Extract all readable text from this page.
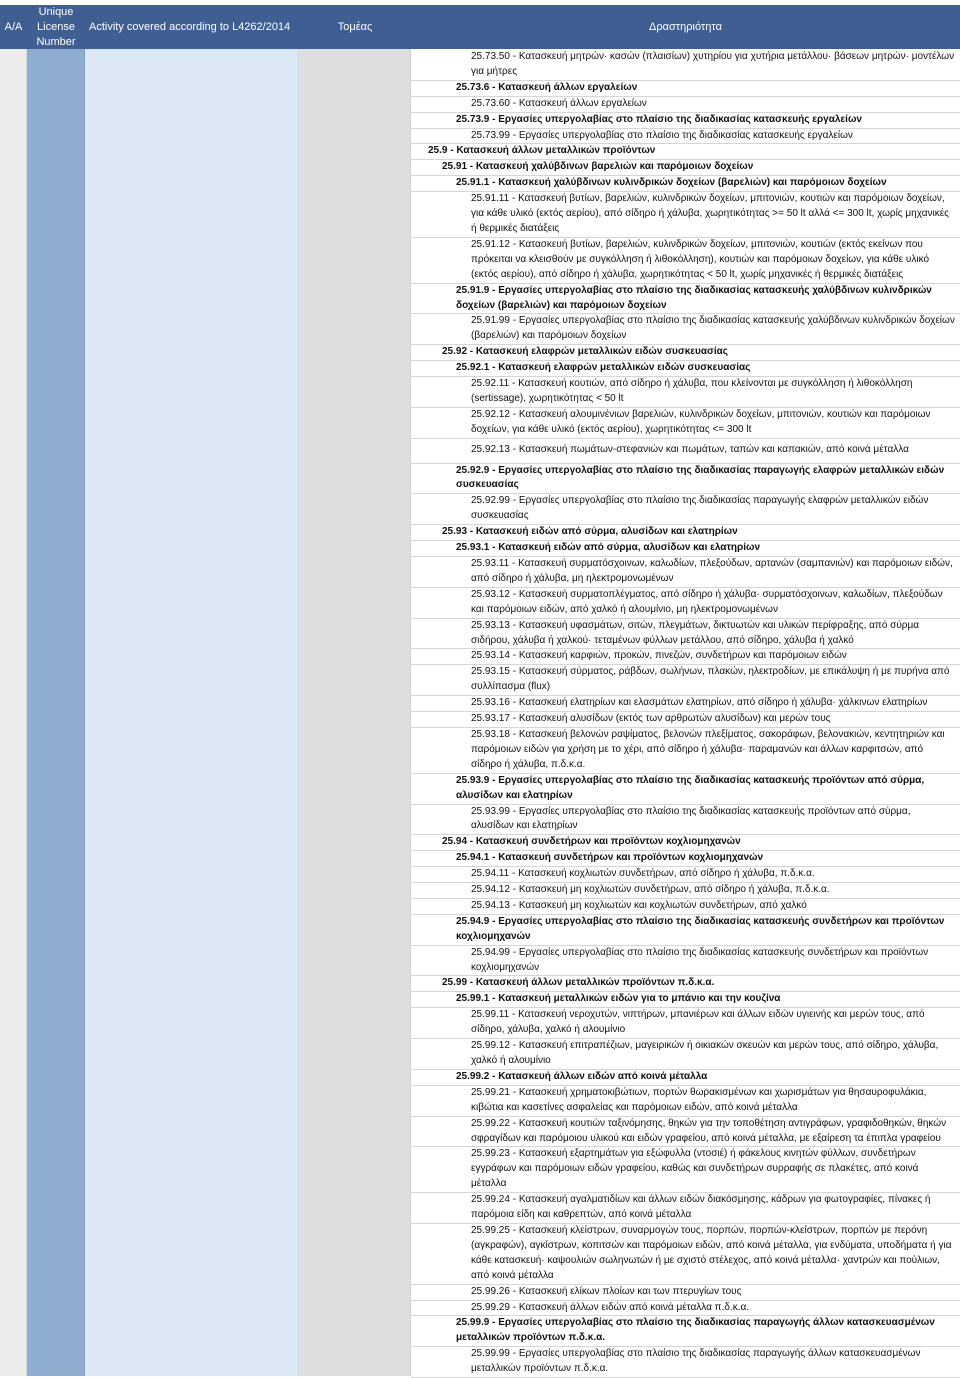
A/A
Unique License Number
Activity covered according to L4262/2014	Τομέας	Δραστηριότητα
25.73.50 - Κατασκευή μητρών· κασών (πλαισίων) χυτηρίου για χυτήρια μετάλλου· βάσεων μητρών· μοντέλων για μήτρες
25.73.6 - Κατασκευή άλλων εργαλείων
25.73.60 - Κατασκευή άλλων εργαλείων
25.73.9 - Εργασίες υπεργολαβίας στο πλαίσιο της διαδικασίας κατασκευής εργαλείων
25.73.99 - Εργασίες υπεργολαβίας στο πλαίσιο της διαδικασίας κατασκευής εργαλείων
25.9 - Κατασκευή άλλων μεταλλικών προϊόντων
25.91 - Κατασκευή χαλύβδινων βαρελιών και παρόμοιων δοχείων
25.91.1 - Κατασκευή χαλύβδινων κυλινδρικών δοχείων (βαρελιών) και παρόμοιων δοχείων
25.91.11 - Κατασκευή βυτίων, βαρελιών, κυλινδρικών δοχείων, μπιτονιών, κουτιών και παρόμοιων δοχείων, για κάθε υλικό (εκτός αερίου), από σίδηρο ή χάλυβα, χωρητικότητας >= 50 lt αλλά <= 300 lt, χωρίς μηχανικές ή θερμικές διατάξεις
25.91.12 - Κατασκευή βυτίων, βαρελιών, κυλινδρικών δοχείων, μπιτονιών, κουτιών (εκτός εκείνων που πρόκειται να κλεισθούν με συγκόλληση ή λιθοκόλληση), κουτιών και παρόμοιων δοχείων, για κάθε υλικό (εκτός αερίου), από σίδηρο ή χάλυβα, χωρητικότητας < 50 lt, χωρίς μηχανικές ή θερμικές διατάξεις
25.91.9 - Εργασίες υπεργολαβίας στο πλαίσιο της διαδικασίας κατασκευής χαλύβδινων κυλινδρικών δοχείων (βαρελιών) και παρόμοιων δοχείων
25.91.99 - Εργασίες υπεργολαβίας στο πλαίσιο της διαδικασίας κατασκευής χαλύβδινων κυλινδρικών δοχείων (βαρελιών) και παρόμοιων δοχείων
25.92 - Κατασκευή ελαφρών μεταλλικών ειδών συσκευασίας
25.92.1 - Κατασκευή ελαφρών μεταλλικών ειδών συσκευασίας
25.92.11 - Κατασκευή κουτιών, από σίδηρο ή χάλυβα, που κλείνονται με συγκόλληση ή λιθοκόλληση (sertissage), χωρητικότητας < 50 lt
25.92.12 - Κατασκευή αλουμινένιων βαρελιών, κυλινδρικών δοχείων, μπιτονιών, κουτιών και παρόμοιων δοχείων, για κάθε υλικό (εκτός αερίου), χωρητικότητας <= 300 lt
25.92.13 - Κατασκευή πωμάτων-στεφανιών και πωμάτων, ταπών και καπακιών, από κοινά μέταλλα
25.92.9 - Εργασίες υπεργολαβίας στο πλαίσιο της διαδικασίας παραγωγής ελαφρών μεταλλικών ειδών συσκευασίας
25.92.99 - Εργασίες υπεργολαβίας στο πλαίσιο της διαδικασίας παραγωγής ελαφρών μεταλλικών ειδών συσκευασίας
25.93 - Κατασκευή ειδών από σύρμα, αλυσίδων και ελατηρίων
25.93.1 - Κατασκευή ειδών από σύρμα, αλυσίδων και ελατηρίων
25.93.11 - Κατασκευή συρματόσχοινων, καλωδίων, πλεξούδων, αρτανών (σαμπανιών) και παρόμοιων ειδών, από σίδηρο ή χάλυβα, μη ηλεκτρομονωμένων
25.93.12 - Κατασκευή συρματοπλέγματος, από σίδηρο ή χάλυβα· συρματόσχοινων, καλωδίων, πλεξούδων και παρόμοιων ειδών, από χαλκό ή αλουμίνιο, μη ηλεκτρομονωμένων
25.93.13 - Κατασκευή υφασμάτων, σιτών, πλεγμάτων, δικτυωτών και υλικών περίφραξης, από σύρμα σιδήρου, χάλυβα ή χαλκού· τεταμένων φύλλων μετάλλου, από σίδηρο, χάλυβα ή χαλκό
25.93.14 - Κατασκευή καρφιών, προκών, πινεζών, συνδετήρων και παρόμοιων ειδών
25.93.15 - Κατασκευή σύρματος, ράβδων, σωλήνων, πλακών, ηλεκτροδίων, με επικάλυψη ή με πυρήνα από συλλίπασμα (flux)
25.93.16 - Κατασκευή ελατηρίων και ελασμάτων ελατηρίων, από σίδηρο ή χάλυβα· χάλκινων ελατηρίων
25.93.17 - Κατασκευή αλυσίδων (εκτός των αρθρωτών αλυσίδων) και μερών τους
25.93.18 - Κατασκευή βελονών ραψίματος, βελονών πλεξίματος, σακοράφων, βελονακιών, κεντητηριών και παρόμοιων ειδών για χρήση με το χέρι, από σίδηρο ή χάλυβα· παραμανών και άλλων καρφιτσών, από σίδηρο ή χάλυβα, π.δ.κ.α.
25.93.9 - Εργασίες υπεργολαβίας στο πλαίσιο της διαδικασίας κατασκευής προϊόντων από σύρμα, αλυσίδων και ελατηρίων
25.93.99 - Εργασίες υπεργολαβίας στο πλαίσιο της διαδικασίας κατασκευής προϊόντων από σύρμα, αλυσίδων και ελατηρίων
25.94 - Κατασκευή συνδετήρων και προϊόντων κοχλιομηχανών
25.94.1 - Κατασκευή συνδετήρων και προϊόντων κοχλιομηχανών
25.94.11 - Κατασκευή κοχλιωτών συνδετήρων, από σίδηρο ή χάλυβα, π.δ.κ.α.
25.94.12 - Κατασκευή μη κοχλιωτών συνδετήρων, από σίδηρο ή χάλυβα, π.δ.κ.α.
25.94.13 - Κατασκευή μη κοχλιωτών και κοχλιωτών συνδετήρων, από χαλκό
25.94.9 - Εργασίες υπεργολαβίας στο πλαίσιο της διαδικασίας κατασκευής συνδετήρων και προϊόντων κοχλιομηχανών
25.94.99 - Εργασίες υπεργολαβίας στο πλαίσιο της διαδικασίας κατασκευής συνδετήρων και προϊόντων κοχλιομηχανών
25.99 - Κατασκευή άλλων μεταλλικών προϊόντων π.δ.κ.α.
25.99.1 - Κατασκευή μεταλλικών ειδών για το μπάνιο και την κουζίνα
25.99.11 - Κατασκευή νεροχυτών, νιπτήρων, μπανιέρων και άλλων ειδών υγιεινής και μερών τους, από σίδηρο, χάλυβα, χαλκό ή αλουμίνιο
25.99.12 - Κατασκευή επιτραπέζιων, μαγειρικών ή οικιακών σκευών και μερών τους, από σίδηρο, χάλυβα, χαλκό ή αλουμίνιο
25.99.2 - Κατασκευή άλλων ειδών από κοινά μέταλλα
25.99.21 - Κατασκευή χρηματοκιβώτιων, πορτών θωρακισμένων και χωρισμάτων για θησαυροφυλάκια, κιβώτια και κασετίνες ασφαλείας και παρόμοιων ειδών, από κοινά μέταλλα
25.99.22 - Κατασκευή κουτιών ταξινόμησης, θηκών για την τοποθέτηση αντιγράφων, γραφιδοθηκών, θηκών σφραγίδων και παρόμοιου υλικού και ειδών γραφείου, από κοινά μέταλλα, με εξαίρεση τα έπιπλα γραφείου
25.99.23 - Κατασκευή εξαρτημάτων για εξώφυλλα (ντοσιέ) ή φάκελους κινητών φύλλων, συνδετήρων εγγράφων και παρόμοιων ειδών γραφείου, καθώς και συνδετήρων συρραφής σε πλακέτες, από κοινά μέταλλα
25.99.24 - Κατασκευή αγαλματιδίων και άλλων ειδών διακόσμησης, κάδρων για φωτογραφίες, πίνακες ή παρόμοια είδη και καθρεπτών, από κοινά μέταλλα
25.99.25 - Κατασκευή κλείστρων, συναρμογών τους, πορπών, πορπών-κλείστρων, πορπών με περόνη (αγκραφών), αγκίστρων, κοπιτσών και παρόμοιων ειδών, από κοινά μέταλλα, για ενδύματα, υποδήματα ή για κάθε κατασκευή· καψουλιών σωληνωτών ή με σχιστό στέλεχος, από κοινά μέταλλα· χαντρών και πούλιων, από κοινά μέταλλα
25.99.26 - Κατασκευή ελίκων πλοίων και των πτερυγίων τους
25.99.29 - Κατασκευή άλλων ειδών από κοινά μέταλλα π.δ.κ.α.
25.99.9 - Εργασίες υπεργολαβίας στο πλαίσιο της διαδικασίας παραγωγής άλλων κατασκευασμένων μεταλλικών προϊόντων π.δ.κ.α.
25.99.99 - Εργασίες υπεργολαβίας στο πλαίσιο της διαδικασίας παραγωγής άλλων κατασκευασμένων μεταλλικών προϊόντων π.δ.κ.α.
